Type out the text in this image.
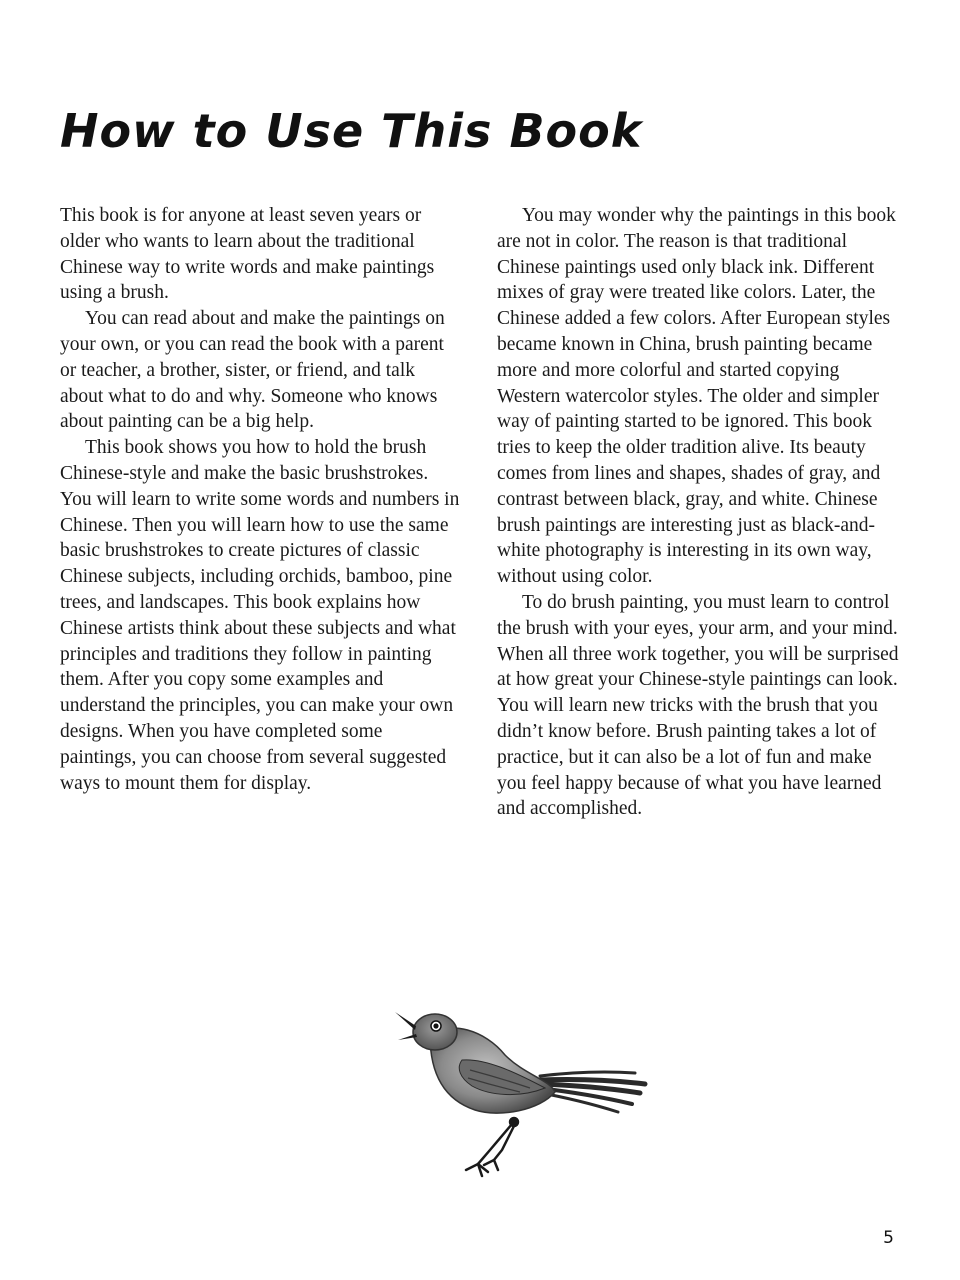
How to Use This Book

This book is for anyone at least seven years or older who wants to learn about the traditional Chinese way to write words and make paintings using a brush.

You can read about and make the paintings on your own, or you can read the book with a parent or teacher, a brother, sister, or friend, and talk about what to do and why. Someone who knows about painting can be a big help.

This book shows you how to hold the brush Chinese-style and make the basic brushstrokes. You will learn to write some words and numbers in Chinese. Then you will learn how to use the same basic brushstrokes to create pictures of classic Chinese subjects, including orchids, bamboo, pine trees, and landscapes. This book explains how Chinese artists think about these subjects and what principles and traditions they follow in painting them. After you copy some examples and understand the principles, you can make your own designs. When you have completed some paintings, you can choose from several suggested ways to mount them for display.

You may wonder why the paintings in this book are not in color. The reason is that traditional Chinese paintings used only black ink. Different mixes of gray were treated like colors. Later, the Chinese added a few colors. After European styles became known in China, brush painting became more and more colorful and started copying Western watercolor styles. The older and simpler way of painting started to be ignored. This book tries to keep the older tradition alive. Its beauty comes from lines and shapes, shades of gray, and contrast between black, gray, and white. Chinese brush paintings are interesting just as black-and-white photography is interesting in its own way, without using color.

To do brush painting, you must learn to control the brush with your eyes, your arm, and your mind. When all three work together, you will be surprised at how great your Chinese-style paintings can look. You will learn new tricks with the brush that you didn’t know before. Brush painting takes a lot of practice, but it can also be a lot of fun and make you feel happy because of what you have learned and accomplished.

5
